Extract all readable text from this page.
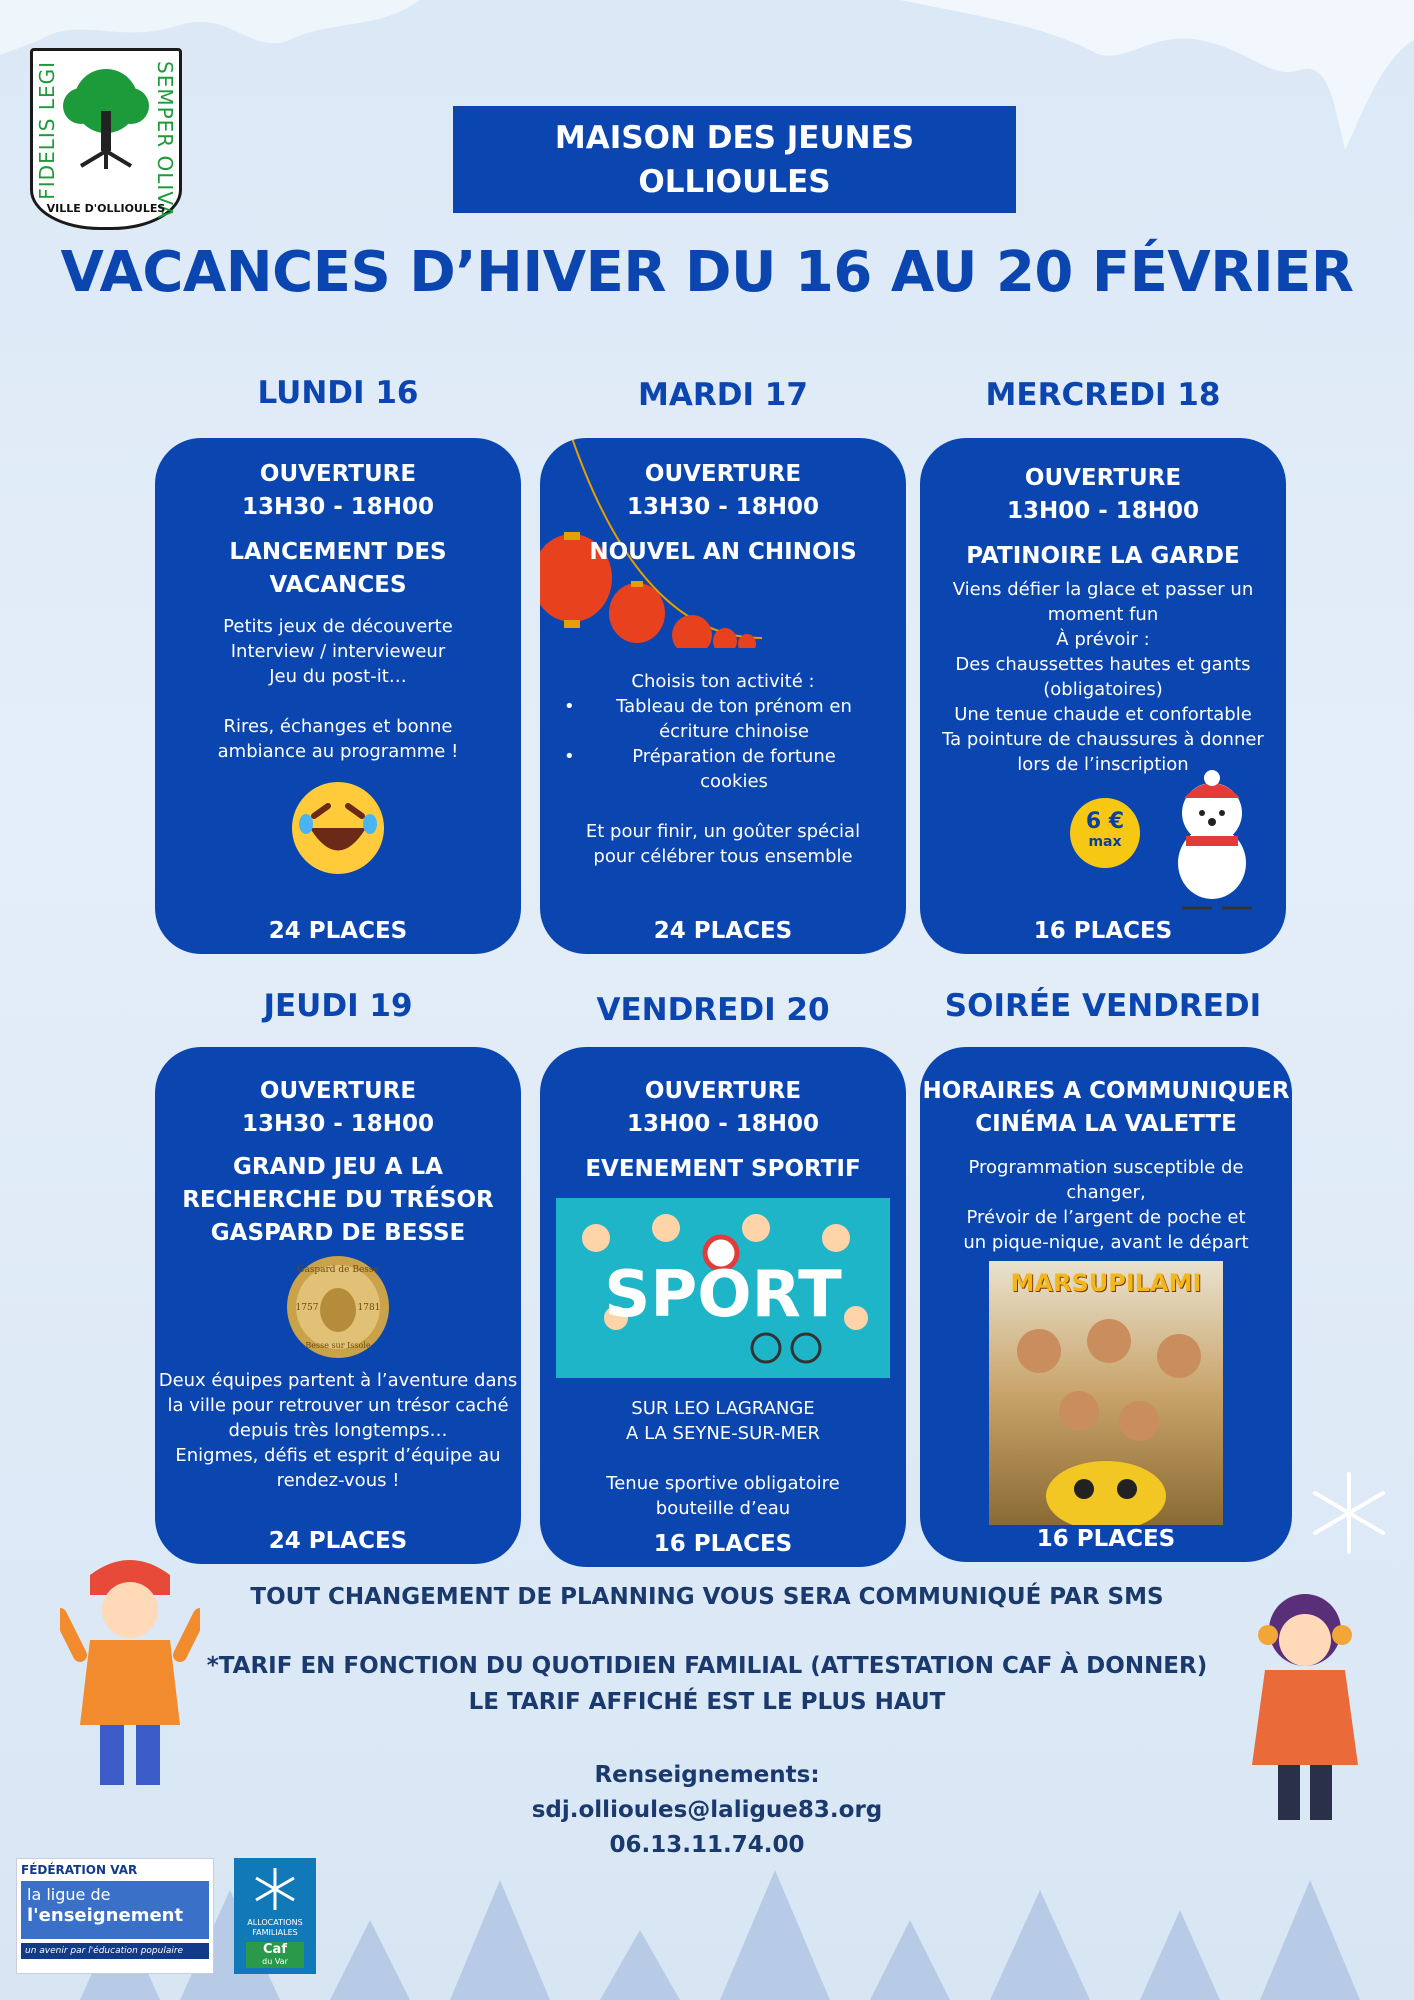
FIDELIS LEGI	SEMPER OLIVA
VILLE D'OLLIOULES
MAISON DES JEUNES
OLLIOULES
VACANCES D’HIVER DU 16 AU 20 FÉVRIER
LUNDI 16	MARDI 17	MERCREDI 18
JEUDI 19	VENDREDI 20	SOIRÉE VENDREDI
OUVERTURE
13H30 - 18H00
LANCEMENT DES
VACANCES
Petits jeux de découverte
Interview / intervieweur
Jeu du post-it…
Rires, échanges et bonne
ambiance au programme !
24 PLACES
OUVERTURE
13H30 - 18H00
NOUVEL AN CHINOIS
Choisis ton activité :
• Tableau de ton prénom en
écriture chinoise
• Préparation de fortune
cookies
Et pour finir, un goûter spécial
pour célébrer tous ensemble
24 PLACES
OUVERTURE
13H00 - 18H00
PATINOIRE LA GARDE
Viens défier la glace et passer un
moment fun
À prévoir :
Des chaussettes hautes et gants
(obligatoires)
Une tenue chaude et confortable
Ta pointure de chaussures à donner
lors de l’inscription
6 €
max
16 PLACES
OUVERTURE
13H30 - 18H00
GRAND JEU A LA
RECHERCHE DU TRÉSOR
GASPARD DE BESSE
Gaspard de Besse
1757	1781
Besse sur Issole
Deux équipes partent à l’aventure dans
la ville pour retrouver un trésor caché
depuis très longtemps…
Enigmes, défis et esprit d’équipe au
rendez-vous !
24 PLACES
OUVERTURE
13H00 - 18H00
EVENEMENT SPORTIF
SPORT
SUR LEO LAGRANGE
A LA SEYNE-SUR-MER
Tenue sportive obligatoire
bouteille d’eau
16 PLACES
HORAIRES A COMMUNIQUER
CINÉMA LA VALETTE
Programmation susceptible de
changer,
Prévoir de l’argent de poche et
un pique-nique, avant le départ
MARSUPILAMI
16 PLACES
TOUT CHANGEMENT DE PLANNING VOUS SERA COMMUNIQUÉ PAR SMS
*TARIF EN FONCTION DU QUOTIDIEN FAMILIAL (ATTESTATION CAF À DONNER)
LE TARIF AFFICHÉ EST LE PLUS HAUT
Renseignements:
sdj.ollioules@laligue83.org
06.13.11.74.00
FÉDÉRATION VAR
la ligue de
l'enseignement
un avenir par l'éducation populaire
ALLOCATIONS
FAMILIALES
Caf
du Var
